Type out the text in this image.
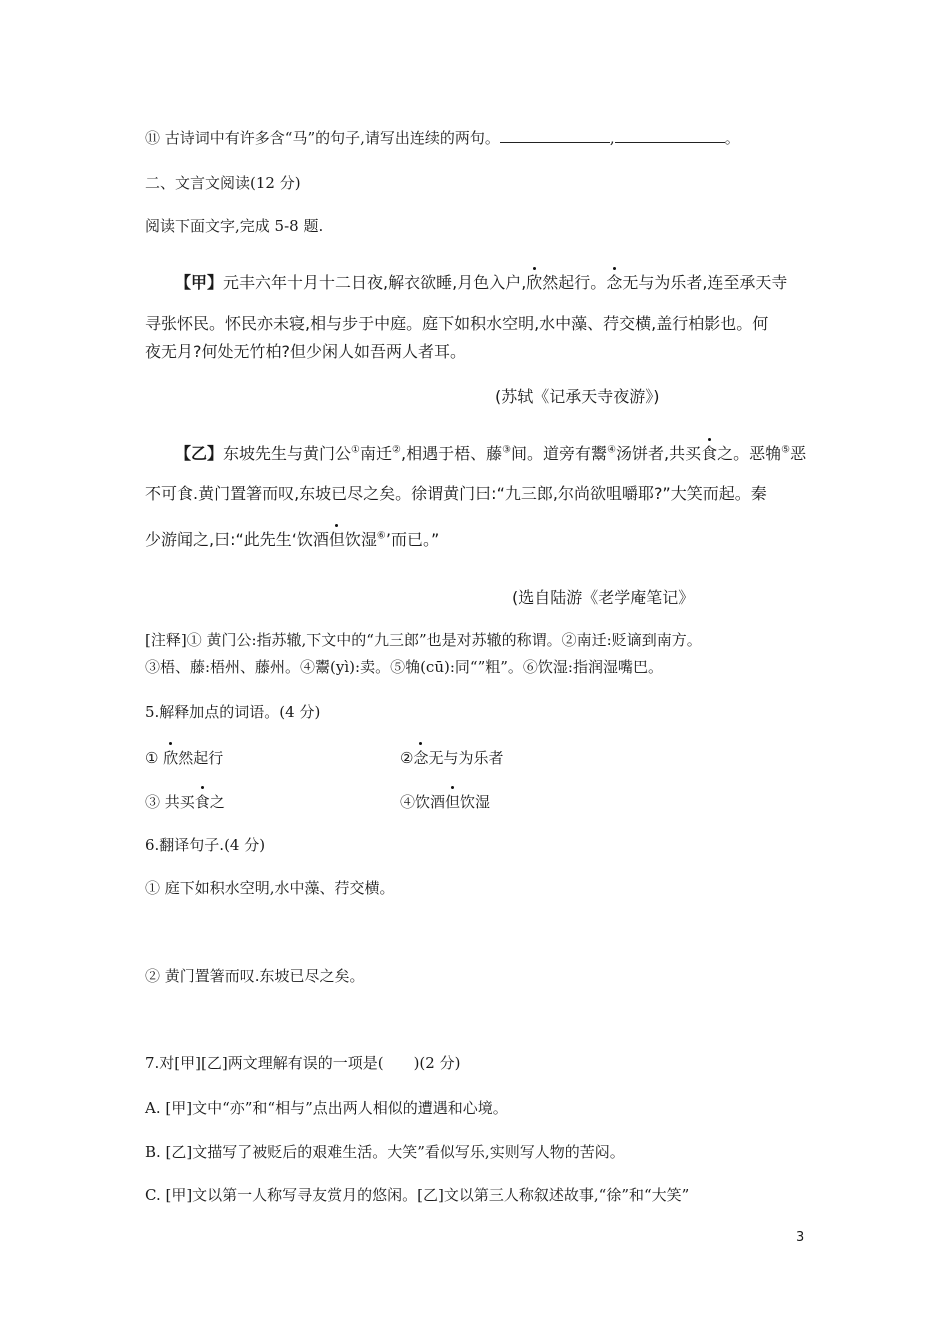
⑪ 古诗词中有许多含“马”的句子,请写出连续的两句。	,	。
二、文言文阅读(12 分)
阅读下面文字,完成 5-8 题.
【甲】元丰六年十月十二日夜,解衣欲睡,月色入户,欣然起行。念无与为乐者,连至承天寺
寻张怀民。怀民亦未寝,相与步于中庭。庭下如积水空明,水中藻、荇交横,盖行柏影也。何
夜无月?何处无竹柏?但少闲人如吾两人者耳。
(苏轼《记承天寺夜游》)
【乙】东坡先生与黄门公①南迁②,相遇于梧、藤③间。道旁有鬻④汤饼者,共买食之。恶觕⑤恶
不可食.黄门置箸而叹,东坡已尽之矣。徐谓黄门曰:“九三郎,尔尚欲咀嚼耶?”大笑而起。秦
少游闻之,曰:“此先生‘饮酒但饮湿⑥’而已。”
(选自陆游《老学庵笔记》
[注释]① 黄门公:指苏辙,下文中的“九三郎”也是对苏辙的称谓。②南迁:贬谪到南方。
③梧、藤:梧州、藤州。④鬻(yì):卖。⑤觕(cū):同“”粗”。⑥饮湿:指润湿嘴巴。
5.解释加点的词语。(4 分)
① 欣然起行	②念无与为乐者
③ 共买食之	④饮酒但饮湿
6.翻译句子.(4 分)
① 庭下如积水空明,水中藻、荇交横。
② 黄门置箸而叹.东坡已尽之矣。
7.对[甲][乙]两文理解有误的一项是(　　)(2 分)
A. [甲]文中“亦”和“相与”点出两人相似的遭遇和心境。
B. [乙]文描写了被贬后的艰难生活。大笑”看似写乐,实则写人物的苦闷。
C. [甲]文以第一人称写寻友赏月的悠闲。[乙]文以第三人称叙述故事,“徐”和“大笑”
3
